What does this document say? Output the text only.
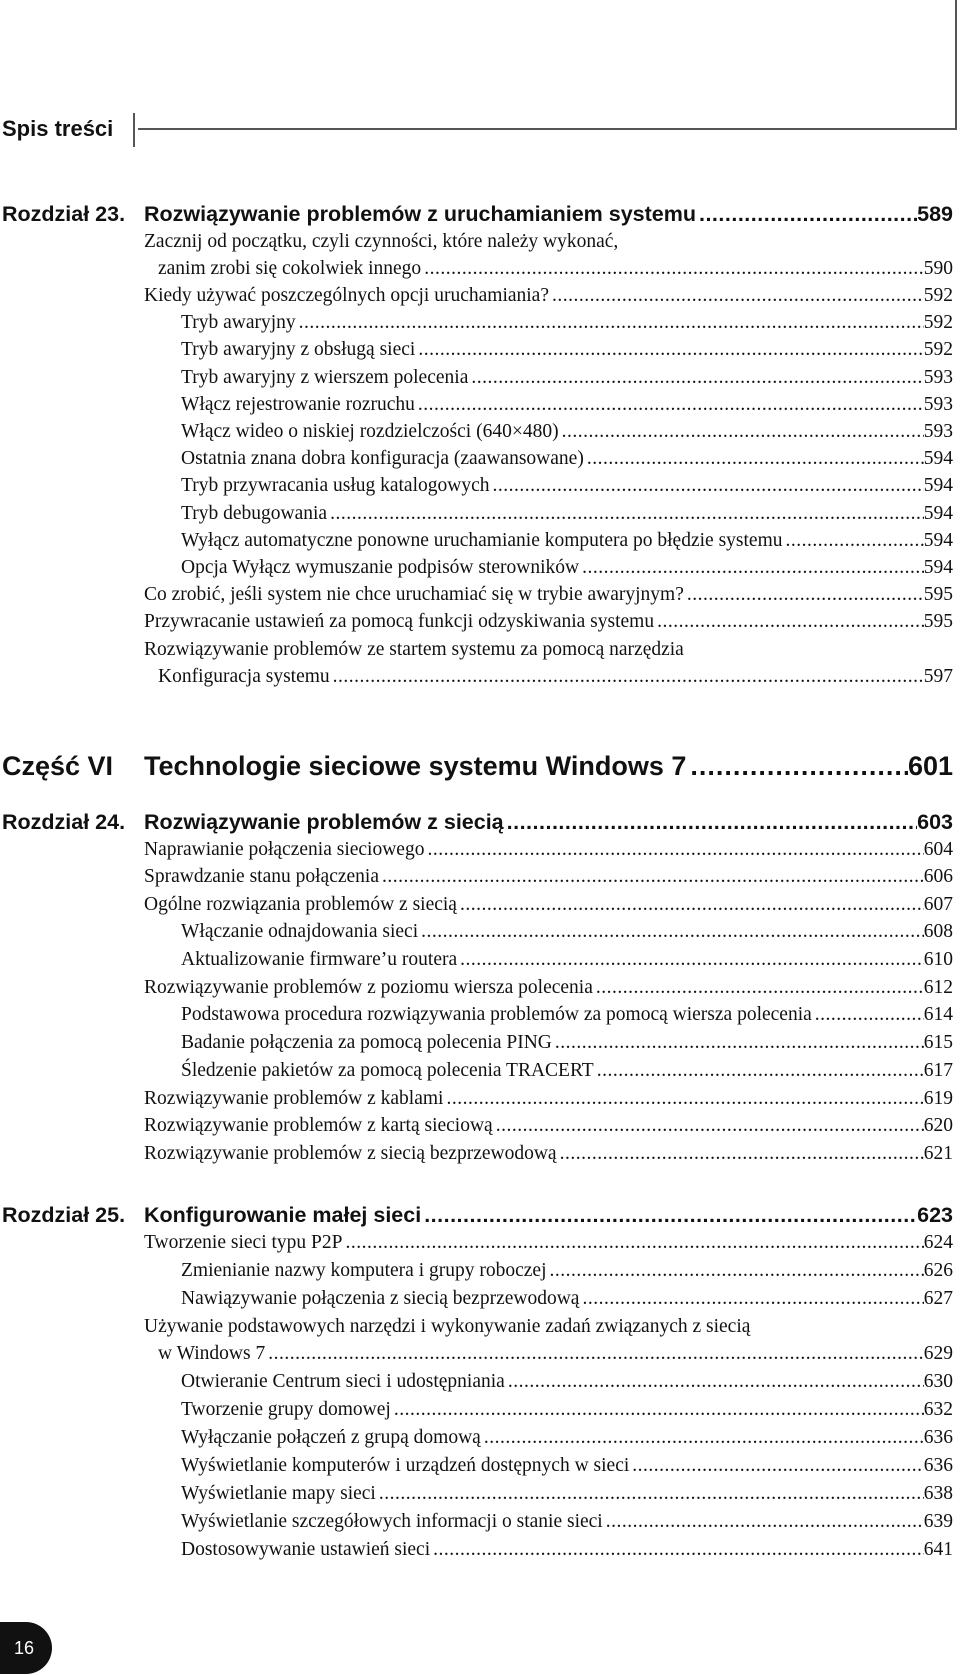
Spis treści
Rozdział 23. Rozwiązywanie problemów z uruchamianiem systemu .....	589
Zacznij od początku, czyli czynności, które należy wykonać,
zanim zrobi się cokolwiek innego .....	590
Kiedy używać poszczególnych opcji uruchamiania? .....	592
Tryb awaryjny .....	592
Tryb awaryjny z obsługą sieci .....	592
Tryb awaryjny z wierszem polecenia .....	593
Włącz rejestrowanie rozruchu .....	593
Włącz wideo o niskiej rozdzielczości (640×480) .....	593
Ostatnia znana dobra konfiguracja (zaawansowane) .....	594
Tryb przywracania usług katalogowych .....	594
Tryb debugowania .....	594
Wyłącz automatyczne ponowne uruchamianie komputera po błędzie systemu .....	594
Opcja Wyłącz wymuszanie podpisów sterowników .....	594
Co zrobić, jeśli system nie chce uruchamiać się w trybie awaryjnym? .....	595
Przywracanie ustawień za pomocą funkcji odzyskiwania systemu .....	595
Rozwiązywanie problemów ze startem systemu za pomocą narzędzia
Konfiguracja systemu .....	597
Część VI Technologie sieciowe systemu Windows 7 .....	601
Rozdział 24. Rozwiązywanie problemów z siecią .....	603
Naprawianie połączenia sieciowego .....	604
Sprawdzanie stanu połączenia .....	606
Ogólne rozwiązania problemów z siecią .....	607
Włączanie odnajdowania sieci .....	608
Aktualizowanie firmware’u routera .....	610
Rozwiązywanie problemów z poziomu wiersza polecenia .....	612
Podstawowa procedura rozwiązywania problemów za pomocą wiersza polecenia .....	614
Badanie połączenia za pomocą polecenia PING .....	615
Śledzenie pakietów za pomocą polecenia TRACERT .....	617
Rozwiązywanie problemów z kablami .....	619
Rozwiązywanie problemów z kartą sieciową .....	620
Rozwiązywanie problemów z siecią bezprzewodową .....	621
Rozdział 25. Konfigurowanie małej sieci .....	623
Tworzenie sieci typu P2P .....	624
Zmienianie nazwy komputera i grupy roboczej .....	626
Nawiązywanie połączenia z siecią bezprzewodową .....	627
Używanie podstawowych narzędzi i wykonywanie zadań związanych z siecią
w Windows 7 .....	629
Otwieranie Centrum sieci i udostępniania .....	630
Tworzenie grupy domowej .....	632
Wyłączanie połączeń z grupą domową .....	636
Wyświetlanie komputerów i urządzeń dostępnych w sieci .....	636
Wyświetlanie mapy sieci .....	638
Wyświetlanie szczegółowych informacji o stanie sieci .....	639
Dostosowywanie ustawień sieci .....	641
16
